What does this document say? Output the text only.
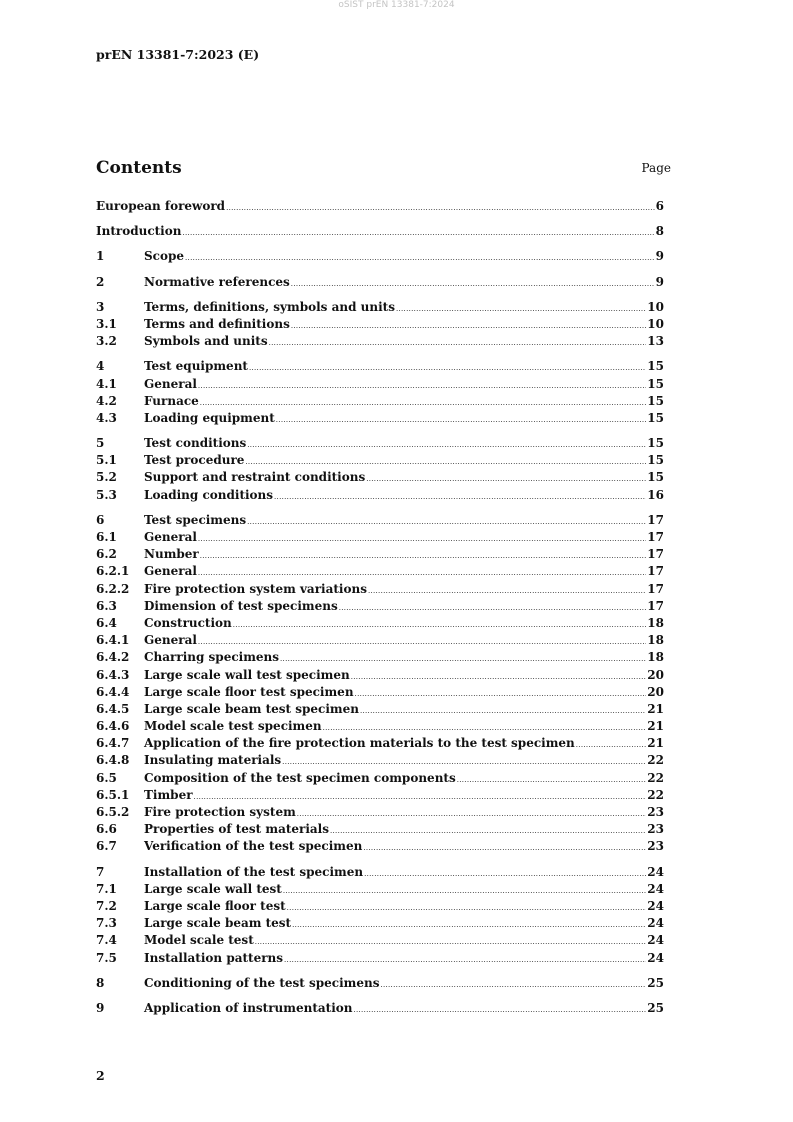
oSIST prEN 13381-7:2024
prEN 13381-7:2023 (E)
Contents	Page
European foreword .....	6
Introduction .....	8
1	Scope .....	9
2	Normative references .....	9
3	Terms, definitions, symbols and units .....	10
3.1	Terms and definitions .....	10
3.2	Symbols and units .....	13
4	Test equipment .....	15
4.1	General .....	15
4.2	Furnace .....	15
4.3	Loading equipment .....	15
5	Test conditions .....	15
5.1	Test procedure .....	15
5.2	Support and restraint conditions .....	15
5.3	Loading conditions .....	16
6	Test specimens .....	17
6.1	General .....	17
6.2	Number .....	17
6.2.1	General .....	17
6.2.2	Fire protection system variations .....	17
6.3	Dimension of test specimens .....	17
6.4	Construction .....	18
6.4.1	General .....	18
6.4.2	Charring specimens .....	18
6.4.3	Large scale wall test specimen .....	20
6.4.4	Large scale floor test specimen .....	20
6.4.5	Large scale beam test specimen .....	21
6.4.6	Model scale test specimen .....	21
6.4.7	Application of the fire protection materials to the test specimen .....	21
6.4.8	Insulating materials .....	22
6.5	Composition of the test specimen components .....	22
6.5.1	Timber .....	22
6.5.2	Fire protection system .....	23
6.6	Properties of test materials .....	23
6.7	Verification of the test specimen .....	23
7	Installation of the test specimen .....	24
7.1	Large scale wall test .....	24
7.2	Large scale floor test .....	24
7.3	Large scale beam test .....	24
7.4	Model scale test .....	24
7.5	Installation patterns .....	24
8	Conditioning of the test specimens .....	25
9	Application of instrumentation .....	25
2
